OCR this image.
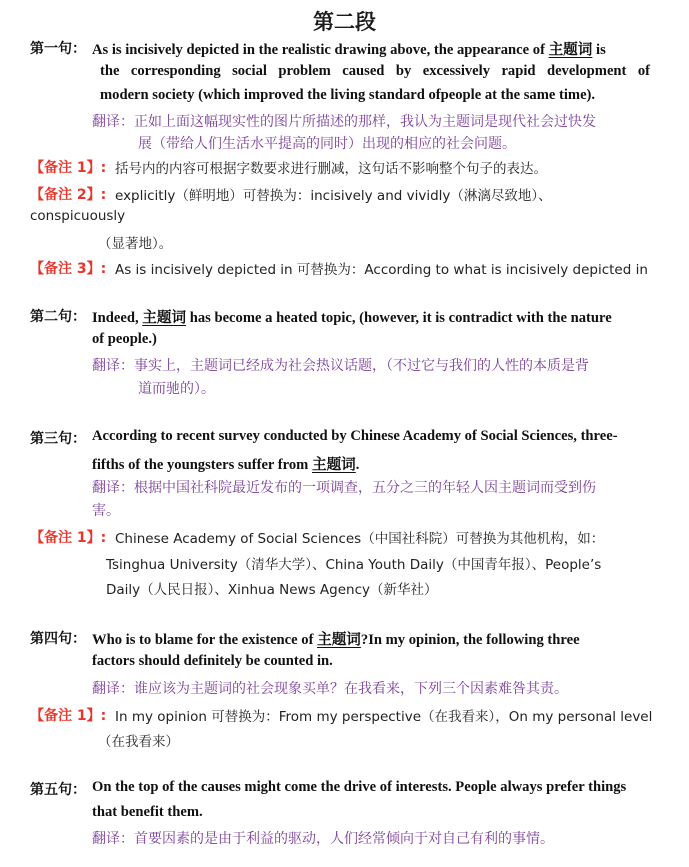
第二段
第一句： As is incisively depicted in the realistic drawing above, the appearance of 主题词 is
the corresponding social problem caused by excessively rapid development of
modern society (which improved the living standard ofpeople at the same time).
翻译：正如上面这幅现实性的图片所描述的那样，我认为主题词是现代社会过快发
展（带给人们生活水平提高的同时）出现的相应的社会问题。
【备注 1】: 括号内的内容可根据字数要求进行删减，这句话不影响整个句子的表达。
【备注 2】: explicitly（鲜明地）可替换为：incisively and vividly（淋漓尽致地）、
conspicuously
（显著地）。
【备注 3】: As is incisively depicted in 可替换为：According to what is incisively depicted in
第二句： Indeed, 主题词 has become a heated topic, (however, it is contradict with the nature
of people.)
翻译：事实上，主题词已经成为社会热议话题，（不过它与我们的人性的本质是背
道而驰的）。
第三句： According to recent survey conducted by Chinese Academy of Social Sciences, three-
fifths of the youngsters suffer from 主题词.
翻译：根据中国社科院最近发布的一项调查，五分之三的年轻人因主题词而受到伤
害。
【备注 1】: Chinese Academy of Social Sciences（中国社科院）可替换为其他机构，如：
Tsinghua University（清华大学）、China Youth Daily（中国青年报）、People’s
Daily（人民日报）、Xinhua News Agency（新华社）
第四句： Who is to blame for the existence of 主题词?In my opinion, the following three
factors should definitely be counted in.
翻译：谁应该为主题词的社会现象买单？在我看来，下列三个因素难咎其责。
【备注 1】: In my opinion 可替换为：From my perspective（在我看来），On my personal level
（在我看来）
第五句： On the top of the causes might come the drive of interests. People always prefer things
that benefit them.
翻译：首要因素的是由于利益的驱动，人们经常倾向于对自己有利的事情。
